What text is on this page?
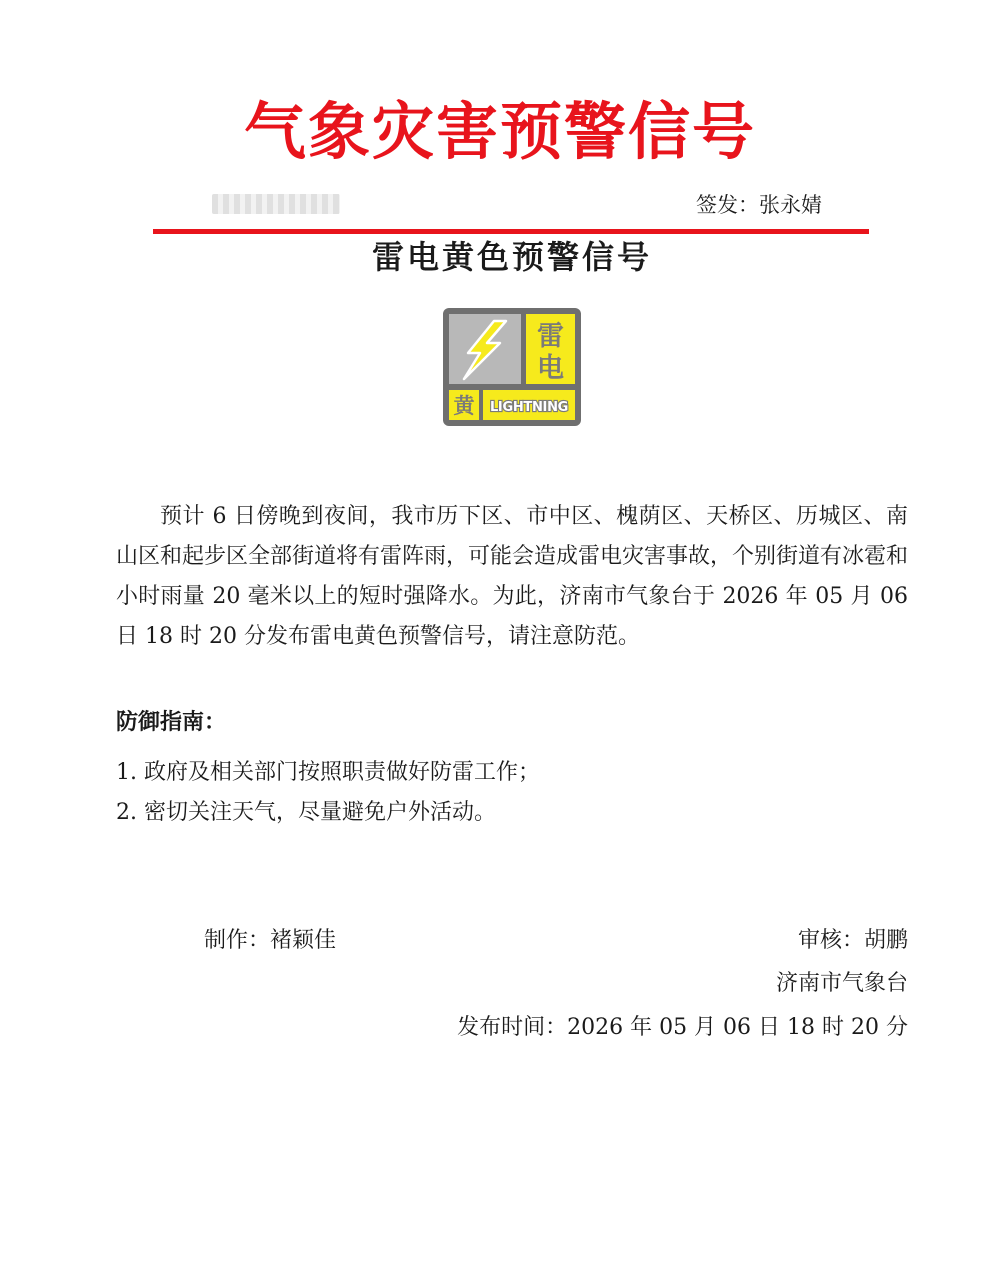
气象灾害预警信号
签发：张永婧
雷电黄色预警信号
雷
电
黄 LIGHTNING

预计 6 日傍晚到夜间，我市历下区、市中区、槐荫区、天桥区、历城区、南山区和起步区全部街道将有雷阵雨，可能会造成雷电灾害事故，个别街道有冰雹和小时雨量 20 毫米以上的短时强降水。为此，济南市气象台于 2026 年 05 月 06 日 18 时 20 分发布雷电黄色预警信号，请注意防范。

防御指南：
1. 政府及相关部门按照职责做好防雷工作；
2. 密切关注天气，尽量避免户外活动。
制作：褚颖佳	审核：胡鹏
济南市气象台
发布时间：2026 年 05 月 06 日 18 时 20 分
